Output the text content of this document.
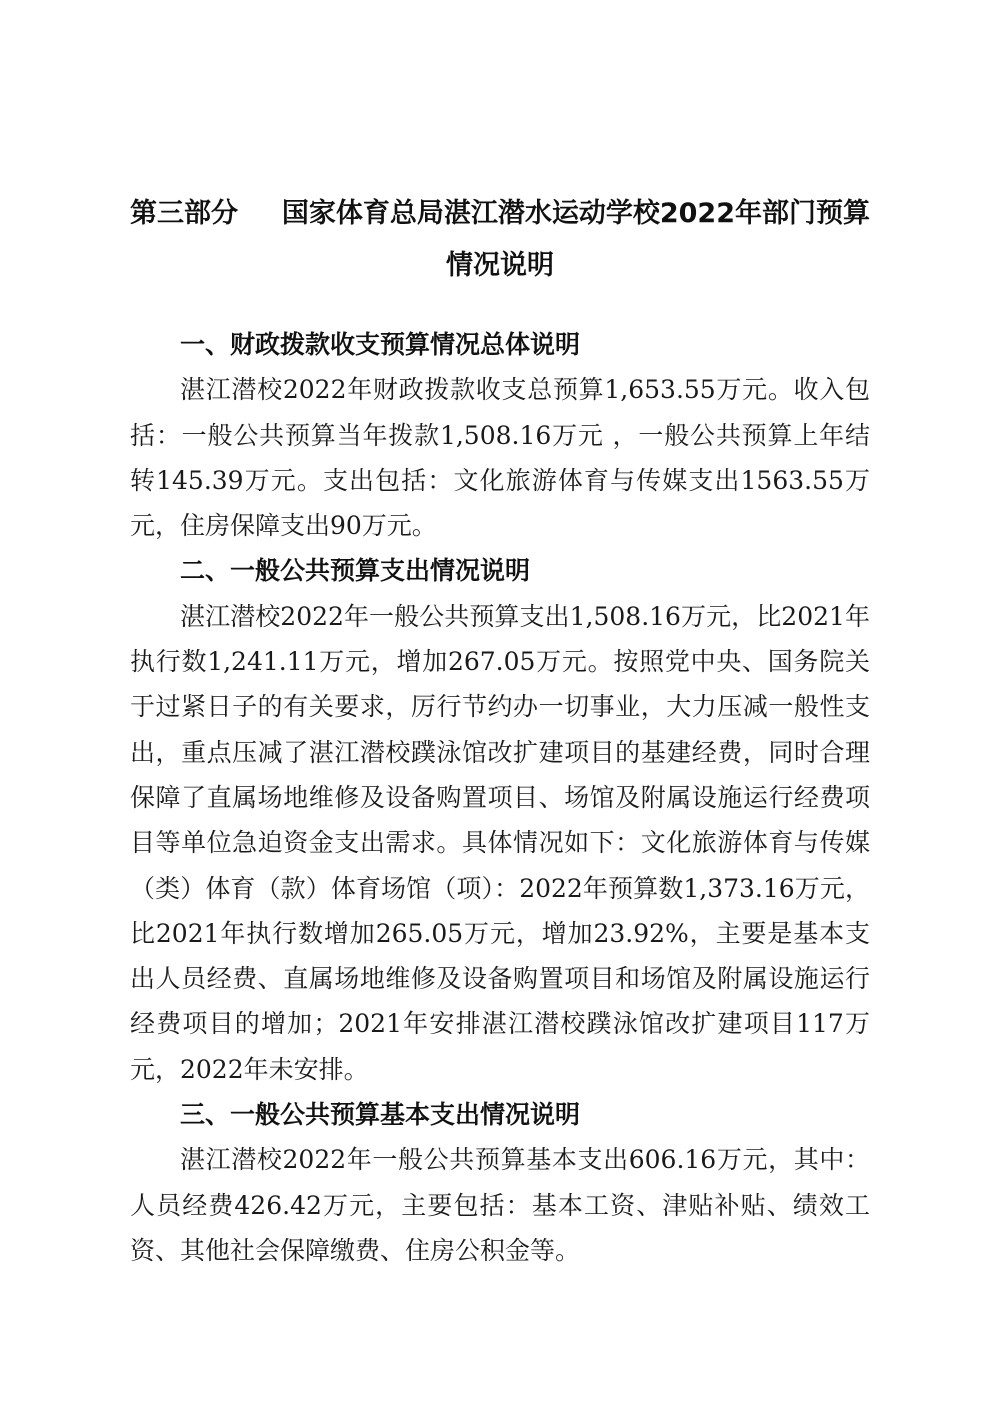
第三部分 国家体育总局湛江潜水运动学校2022年部门预算
情况说明
一、财政拨款收支预算情况总体说明

湛江潜校2022年财政拨款收支总预算1,653.55万元。收入包括：一般公共预算当年拨款1,508.16万元 ，一般公共预算上年结转145.39万元。支出包括：文化旅游体育与传媒支出1563.55万元，住房保障支出90万元。

二、一般公共预算支出情况说明

湛江潜校2022年一般公共预算支出1,508.16万元，比2021年执行数1,241.11万元，增加267.05万元。按照党中央、国务院关于过紧日子的有关要求，厉行节约办一切事业，大力压减一般性支出，重点压减了湛江潜校蹼泳馆改扩建项目的基建经费，同时合理保障了直属场地维修及设备购置项目、场馆及附属设施运行经费项目等单位急迫资金支出需求。具体情况如下：文化旅游体育与传媒（类）体育（款）体育场馆（项）：2022年预算数1,373.16万元，比2021年执行数增加265.05万元，增加23.92%，主要是基本支出人员经费、直属场地维修及设备购置项目和场馆及附属设施运行经费项目的增加；2021年安排湛江潜校蹼泳馆改扩建项目117万元，2022年未安排。

三、一般公共预算基本支出情况说明

湛江潜校2022年一般公共预算基本支出606.16万元，其中：人员经费426.42万元，主要包括：基本工资、津贴补贴、绩效工资、其他社会保障缴费、住房公积金等。
